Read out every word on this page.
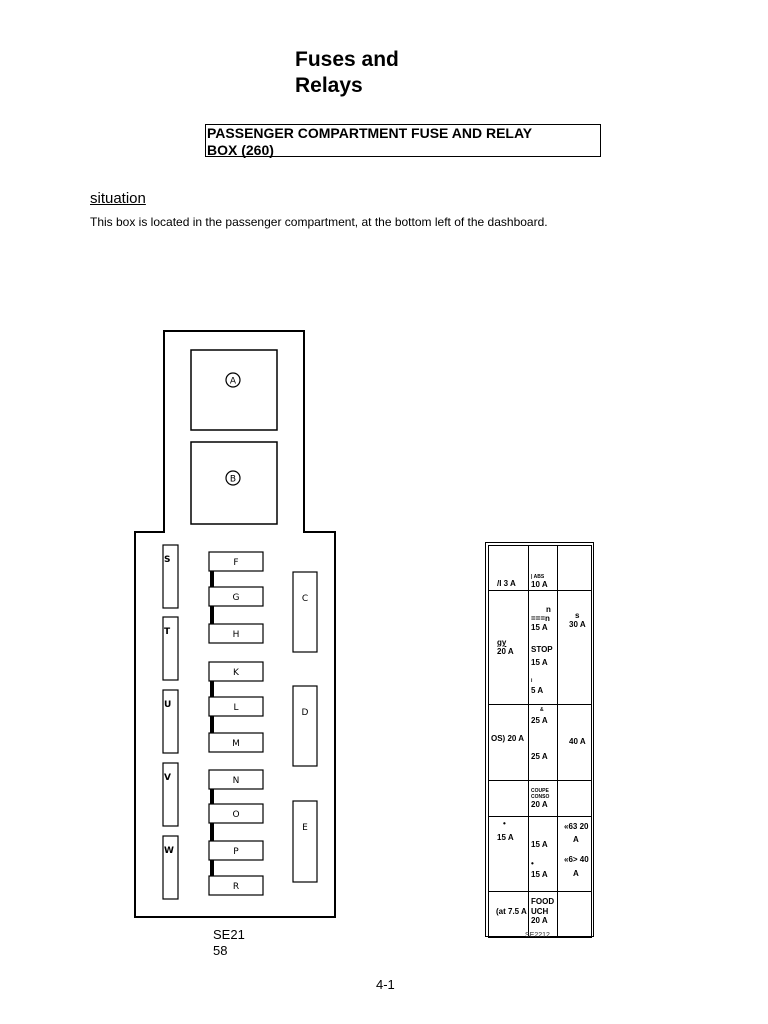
Fuses and
Relays
PASSENGER COMPARTMENT FUSE AND RELAY
BOX (260)
situation
This box is located in the passenger compartment, at the bottom left of the dashboard.
A
B
S
T
U
V
W
F
G
H
K
L
M
N
O
P
R
C
D
E
SE21
58
/I 3 A
| ABS
10 A
n
===n
15 A
s
30 A
gy
20 A STOP
15 A
i
5 A
&
25 A
OS) 20 A	40 A
25 A
COUPE
CONSO
20 A
•	«63 20
A
15 A
15 A
«6> 40
•
A
15 A
FOOD
(at 7.5 A UCH
20 A
SE2212
4-1
